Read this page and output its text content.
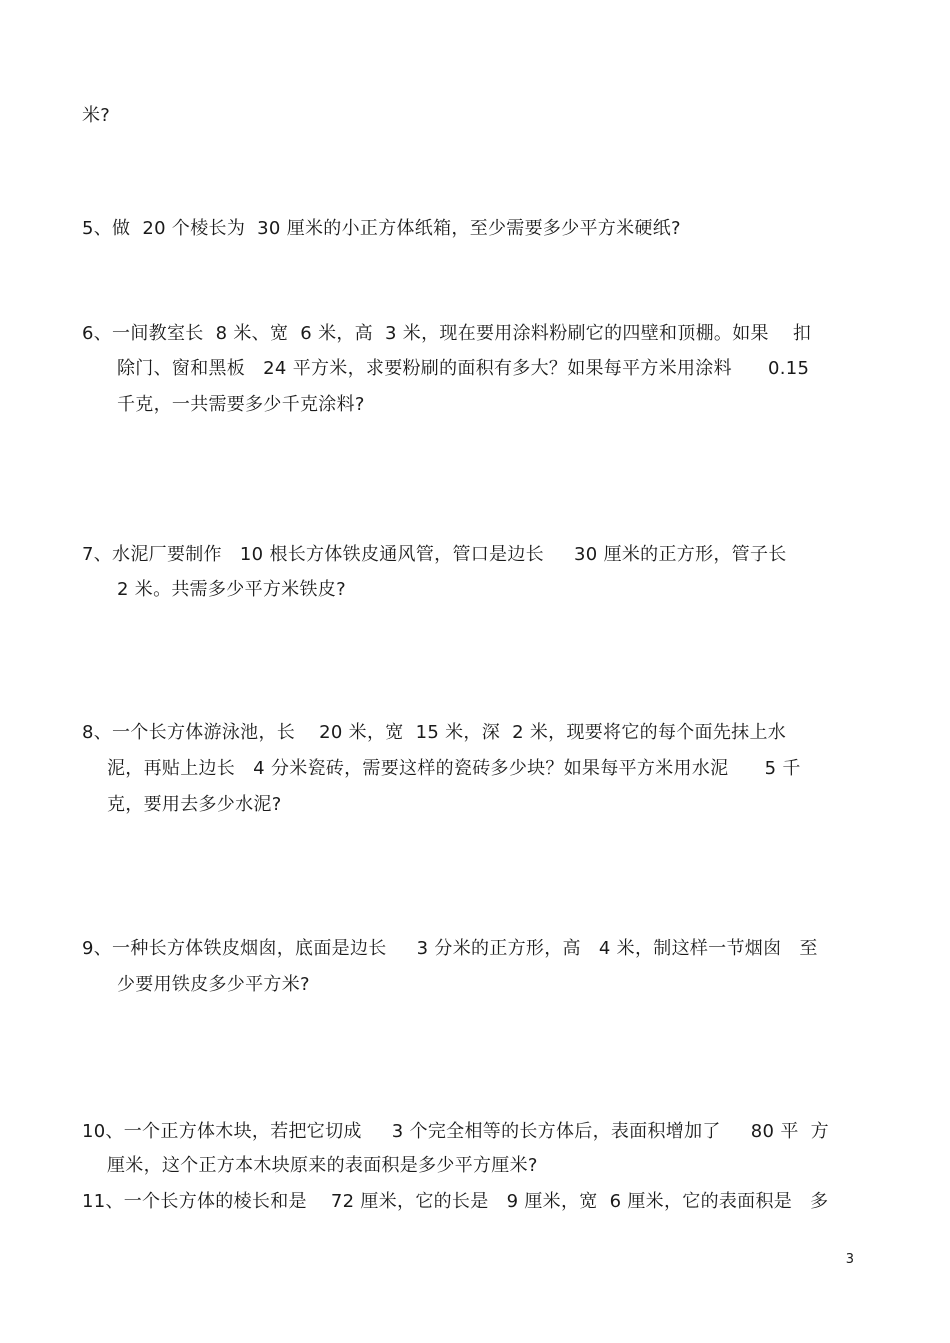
米?
5、做  20 个棱长为  30 厘米的小正方体纸箱，至少需要多少平方米硬纸?
6、一间教室长  8 米、宽  6 米，高  3 米，现在要用涂料粉刷它的四壁和顶棚。如果    扣
除门、窗和黑板   24 平方米，求要粉刷的面积有多大？如果每平方米用涂料      0.15
千克，一共需要多少千克涂料?
7、水泥厂要制作   10 根长方体铁皮通风管，管口是边长     30 厘米的正方形，管子长
2 米。共需多少平方米铁皮?
8、一个长方体游泳池，长    20 米，宽  15 米，深  2 米，现要将它的每个面先抹上水
泥，再贴上边长   4 分米瓷砖，需要这样的瓷砖多少块？如果每平方米用水泥      5 千
克，要用去多少水泥?
9、一种长方体铁皮烟囱，底面是边长     3 分米的正方形，高   4 米，制这样一节烟囱   至
少要用铁皮多少平方米?
10、一个正方体木块，若把它切成     3 个完全相等的长方体后，表面积增加了     80 平  方
厘米，这个正方本木块原来的表面积是多少平方厘米?
11、一个长方体的棱长和是    72 厘米，它的长是   9 厘米，宽  6 厘米，它的表面积是   多
3
